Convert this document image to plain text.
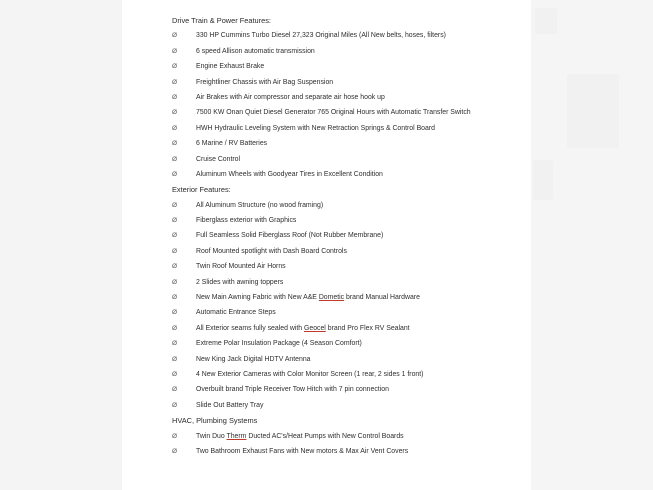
Drive Train & Power Features:
Ø	330 HP Cummins Turbo Diesel 27,323 Original Miles (All New belts, hoses, filters)
Ø	6 speed Allison automatic transmission
Ø	Engine Exhaust Brake
Ø	Freightliner Chassis with Air Bag Suspension
Ø	Air Brakes with Air compressor and separate air hose hook up
Ø	7500 KW Onan Quiet Diesel Generator 765 Original Hours with Automatic Transfer Switch
Ø	HWH Hydraulic Leveling System with New Retraction Springs & Control Board
Ø	6 Marine / RV Batteries
Ø	Cruise Control
Ø	Aluminum Wheels with Goodyear Tires in Excellent Condition
Exterior Features:
Ø	All Aluminum Structure (no wood framing)
Ø	Fiberglass exterior with Graphics
Ø	Full Seamless Solid Fiberglass Roof (Not Rubber Membrane)
Ø	Roof Mounted spotlight with Dash Board Controls
Ø	Twin Roof Mounted Air Horns
Ø	2 Slides with awning toppers
Ø	New Main Awning Fabric with New A&E Dometic brand Manual Hardware
Ø	Automatic Entrance Steps
Ø	All Exterior seams fully sealed with Geocel brand Pro Flex RV Sealant
Ø	Extreme Polar Insulation Package (4 Season Comfort)
Ø	New King Jack Digital HDTV Antenna
Ø	4 New Exterior Cameras with Color Monitor Screen (1 rear, 2 sides 1 front)
Ø	Overbuilt brand Triple Receiver Tow Hitch with 7 pin connection
Ø	Slide Out Battery Tray
HVAC, Plumbing Systems
Ø	Twin Duo Therm Ducted AC's/Heat Pumps with New Control Boards
Ø	Two Bathroom Exhaust Fans with New motors & Max Air Vent Covers
